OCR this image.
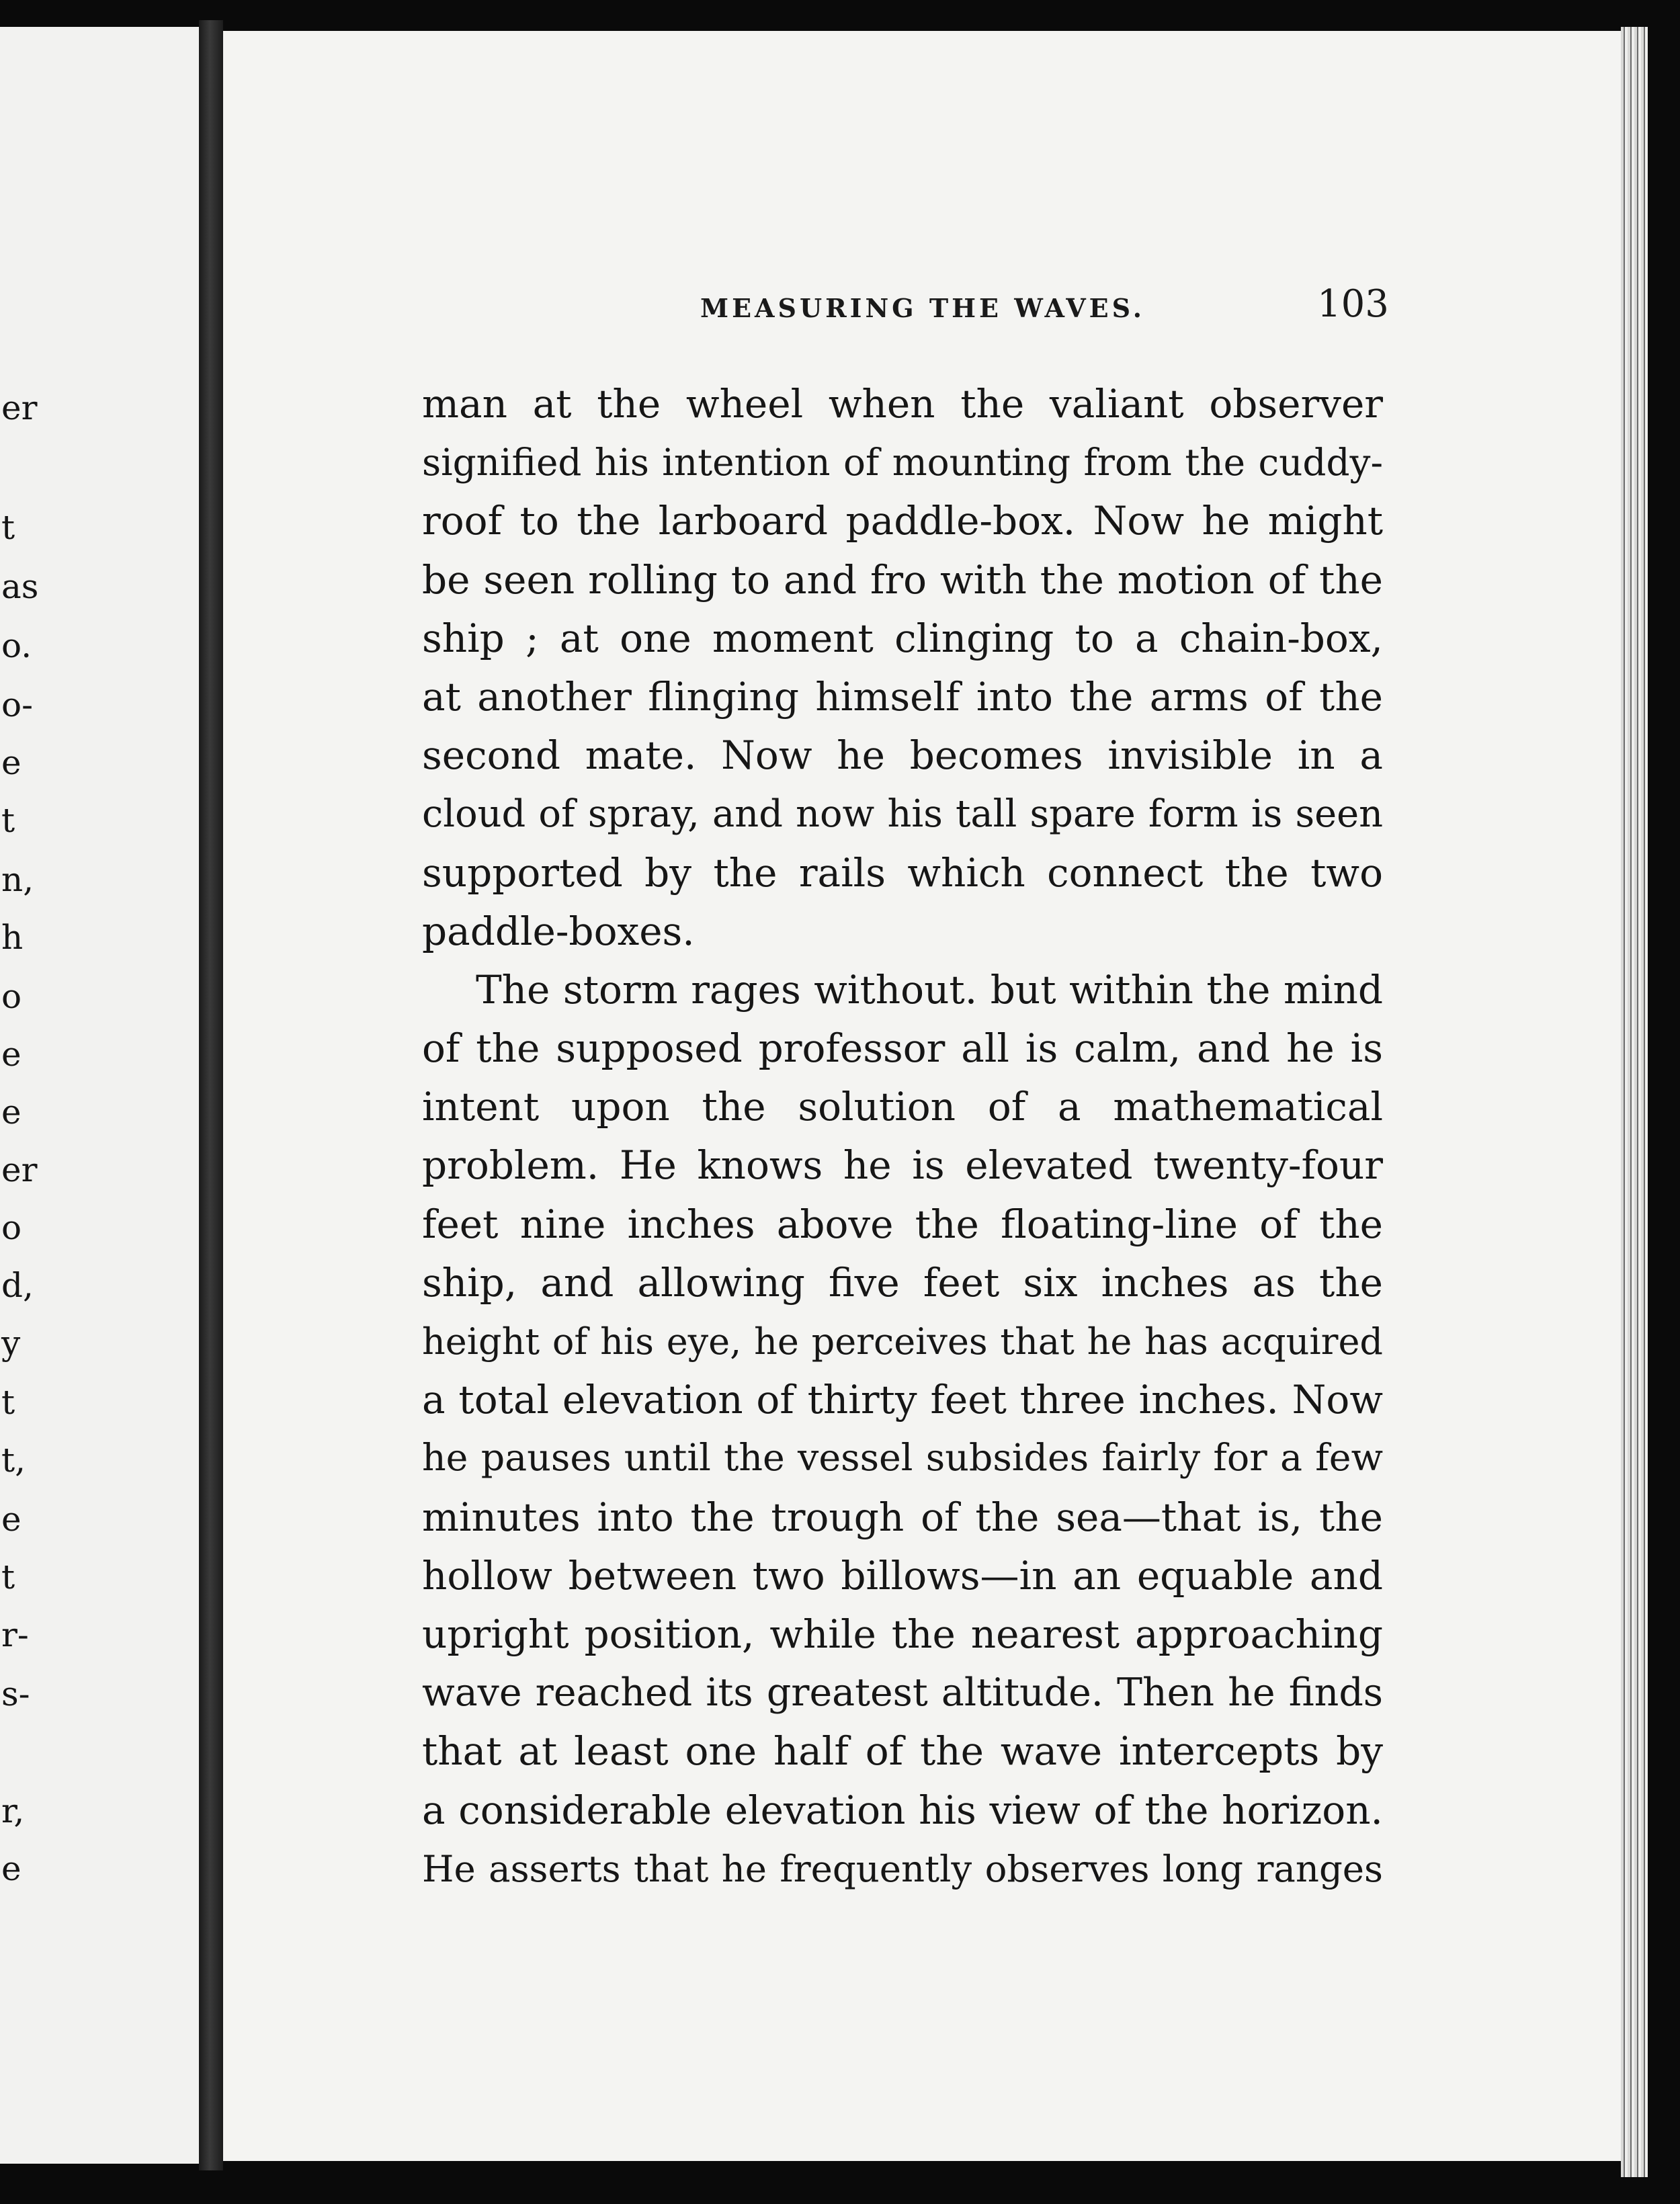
er
t
as
o.
o-
e
t
n,
h
o
e
e
er
o
d,
y
t
t,
e
t
r-
s-
r,
e
MEASURING THE WAVES.	103
man at the wheel when the valiant observer
signified his intention of mounting from the cuddy-
roof to the larboard paddle-box. Now he might
be seen rolling to and fro with the motion of the
ship ; at one moment clinging to a chain-box,
at another flinging himself into the arms of the
second mate. Now he becomes invisible in a
cloud of spray, and now his tall spare form is seen
supported by the rails which connect the two
paddle-boxes.
The storm rages without. but within the mind
of the supposed professor all is calm, and he is
intent upon the solution of a mathematical
problem. He knows he is elevated twenty-four
feet nine inches above the floating-line of the
ship, and allowing five feet six inches as the
height of his eye, he perceives that he has acquired
a total elevation of thirty feet three inches. Now
he pauses until the vessel subsides fairly for a few
minutes into the trough of the sea—that is, the
hollow between two billows—in an equable and
upright position, while the nearest approaching
wave reached its greatest altitude. Then he finds
that at least one half of the wave intercepts by
a considerable elevation his view of the horizon.
He asserts that he frequently observes long ranges
